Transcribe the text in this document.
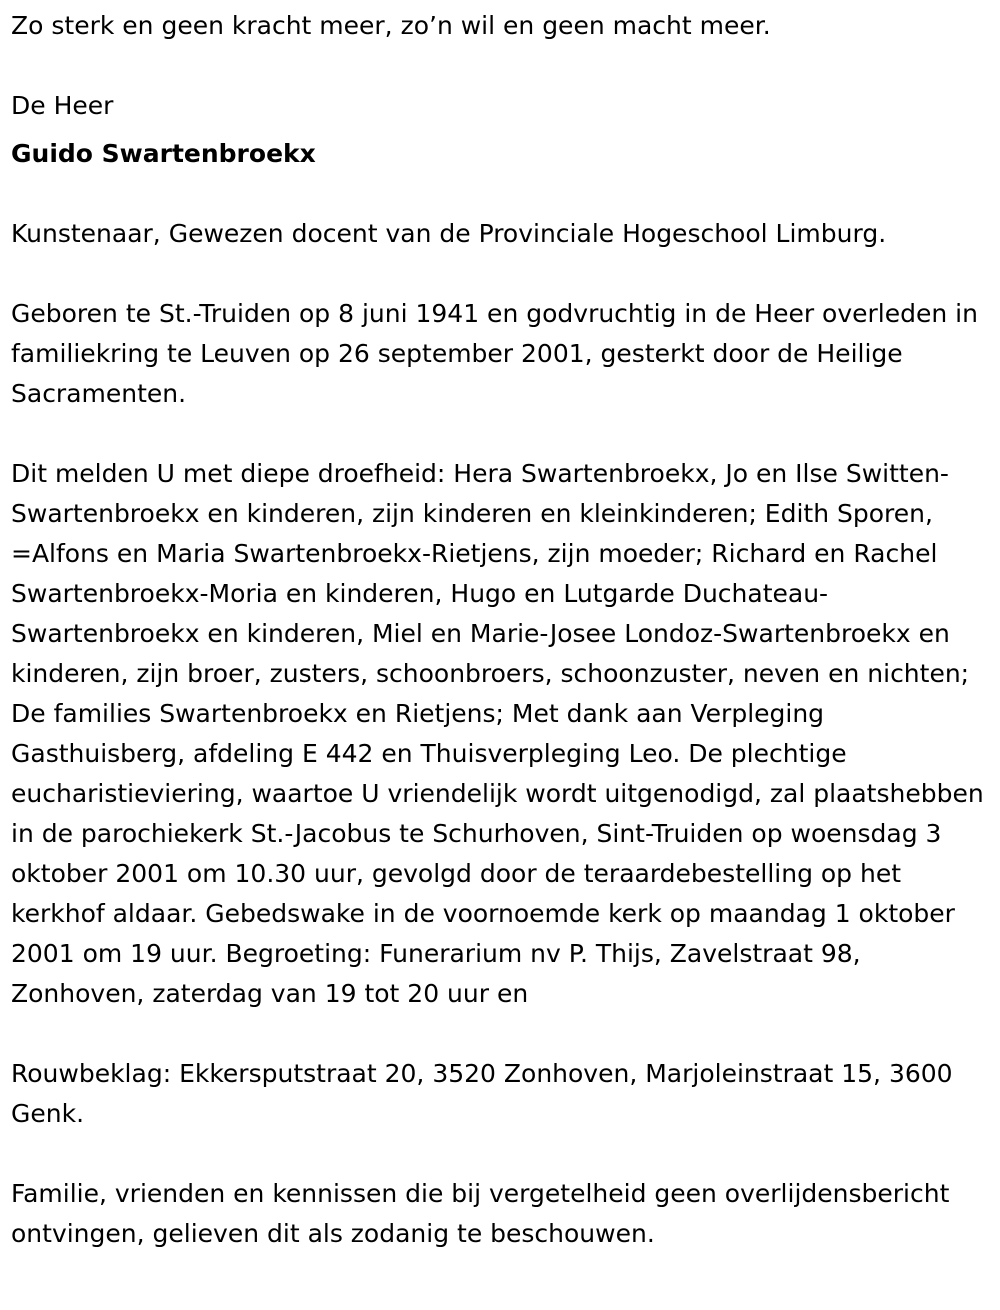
Zo sterk en geen kracht meer, zo’n wil en geen macht meer.

De Heer
Guido Swartenbroekx

Kunstenaar, Gewezen docent van de Provinciale Hogeschool Limburg.

Geboren te St.-Truiden op 8 juni 1941 en godvruchtig in de Heer overleden in familiekring te Leuven op 26 september 2001, gesterkt door de Heilige Sacramenten.

Dit melden U met diepe droefheid: Hera Swartenbroekx, Jo en Ilse Switten-Swartenbroekx en kinderen, zijn kinderen en kleinkinderen; Edith Sporen, =Alfons en Maria Swartenbroekx-Rietjens, zijn moeder; Richard en Rachel Swartenbroekx-Moria en kinderen, Hugo en Lutgarde Duchateau-Swartenbroekx en kinderen, Miel en Marie-Josee Londoz-Swartenbroekx en kinderen, zijn broer, zusters, schoonbroers, schoonzuster, neven en nichten; De families Swartenbroekx en Rietjens; Met dank aan Verpleging Gasthuisberg, afdeling E 442 en Thuisverpleging Leo. De plechtige eucharistieviering, waartoe U vriendelijk wordt uitgenodigd, zal plaatshebben in de parochiekerk St.-Jacobus te Schurhoven, Sint-Truiden op woensdag 3 oktober 2001 om 10.30 uur, gevolgd door de teraardebestelling op het kerkhof aldaar. Gebedswake in de voornoemde kerk op maandag 1 oktober 2001 om 19 uur. Begroeting: Funerarium nv P. Thijs, Zavelstraat 98, Zonhoven, zaterdag van 19 tot 20 uur en

Rouwbeklag: Ekkersputstraat 20, 3520 Zonhoven, Marjoleinstraat 15, 3600 Genk.

Familie, vrienden en kennissen die bij vergetelheid geen overlijdensbericht ontvingen, gelieven dit als zodanig te beschouwen.
